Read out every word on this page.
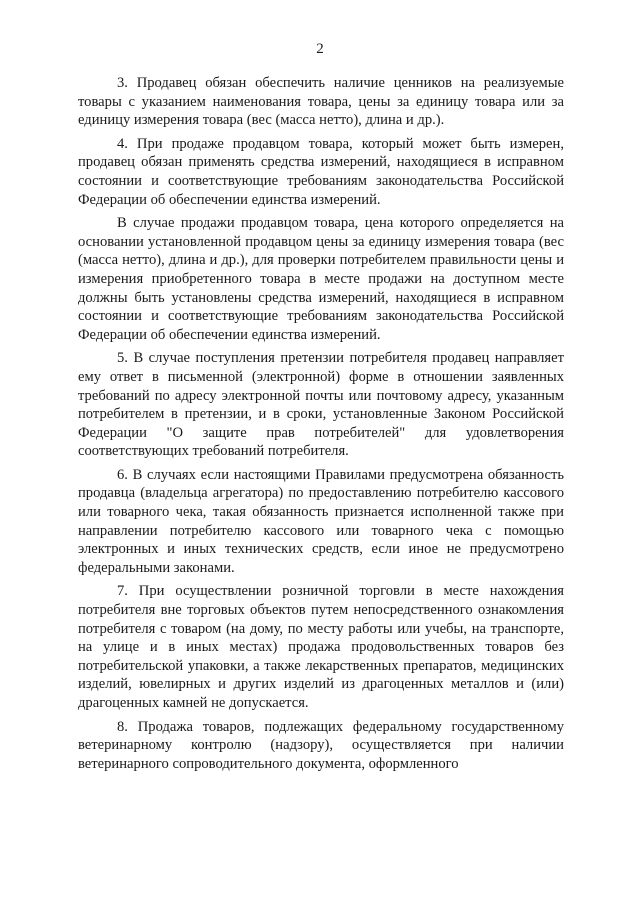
2

3. Продавец обязан обеспечить наличие ценников на реализуемые товары с указанием наименования товара, цены за единицу товара или за единицу измерения товара (вес (масса нетто), длина и др.).

4. При продаже продавцом товара, который может быть измерен, продавец обязан применять средства измерений, находящиеся в исправном состоянии и соответствующие требованиям законодательства Российской Федерации об обеспечении единства измерений.

В случае продажи продавцом товара, цена которого определяется на основании установленной продавцом цены за единицу измерения товара (вес (масса нетто), длина и др.), для проверки потребителем правильности цены и измерения приобретенного товара в месте продажи на доступном месте должны быть установлены средства измерений, находящиеся в исправном состоянии и соответствующие требованиям законодательства Российской Федерации об обеспечении единства измерений.

5. В случае поступления претензии потребителя продавец направляет ему ответ в письменной (электронной) форме в отношении заявленных требований по адресу электронной почты или почтовому адресу, указанным потребителем в претензии, и в сроки, установленные Законом Российской Федерации "О защите прав потребителей" для удовлетворения соответствующих требований потребителя.

6. В случаях если настоящими Правилами предусмотрена обязанность продавца (владельца агрегатора) по предоставлению потребителю кассового или товарного чека, такая обязанность признается исполненной также при направлении потребителю кассового или товарного чека с помощью электронных и иных технических средств, если иное не предусмотрено федеральными законами.

7. При осуществлении розничной торговли в месте нахождения потребителя вне торговых объектов путем непосредственного ознакомления потребителя с товаром (на дому, по месту работы или учебы, на транспорте, на улице и в иных местах) продажа продовольственных товаров без потребительской упаковки, а также лекарственных препаратов, медицинских изделий, ювелирных и других изделий из драгоценных металлов и (или) драгоценных камней не допускается.

8. Продажа товаров, подлежащих федеральному государственному ветеринарному контролю (надзору), осуществляется при наличии ветеринарного сопроводительного документа, оформленного
